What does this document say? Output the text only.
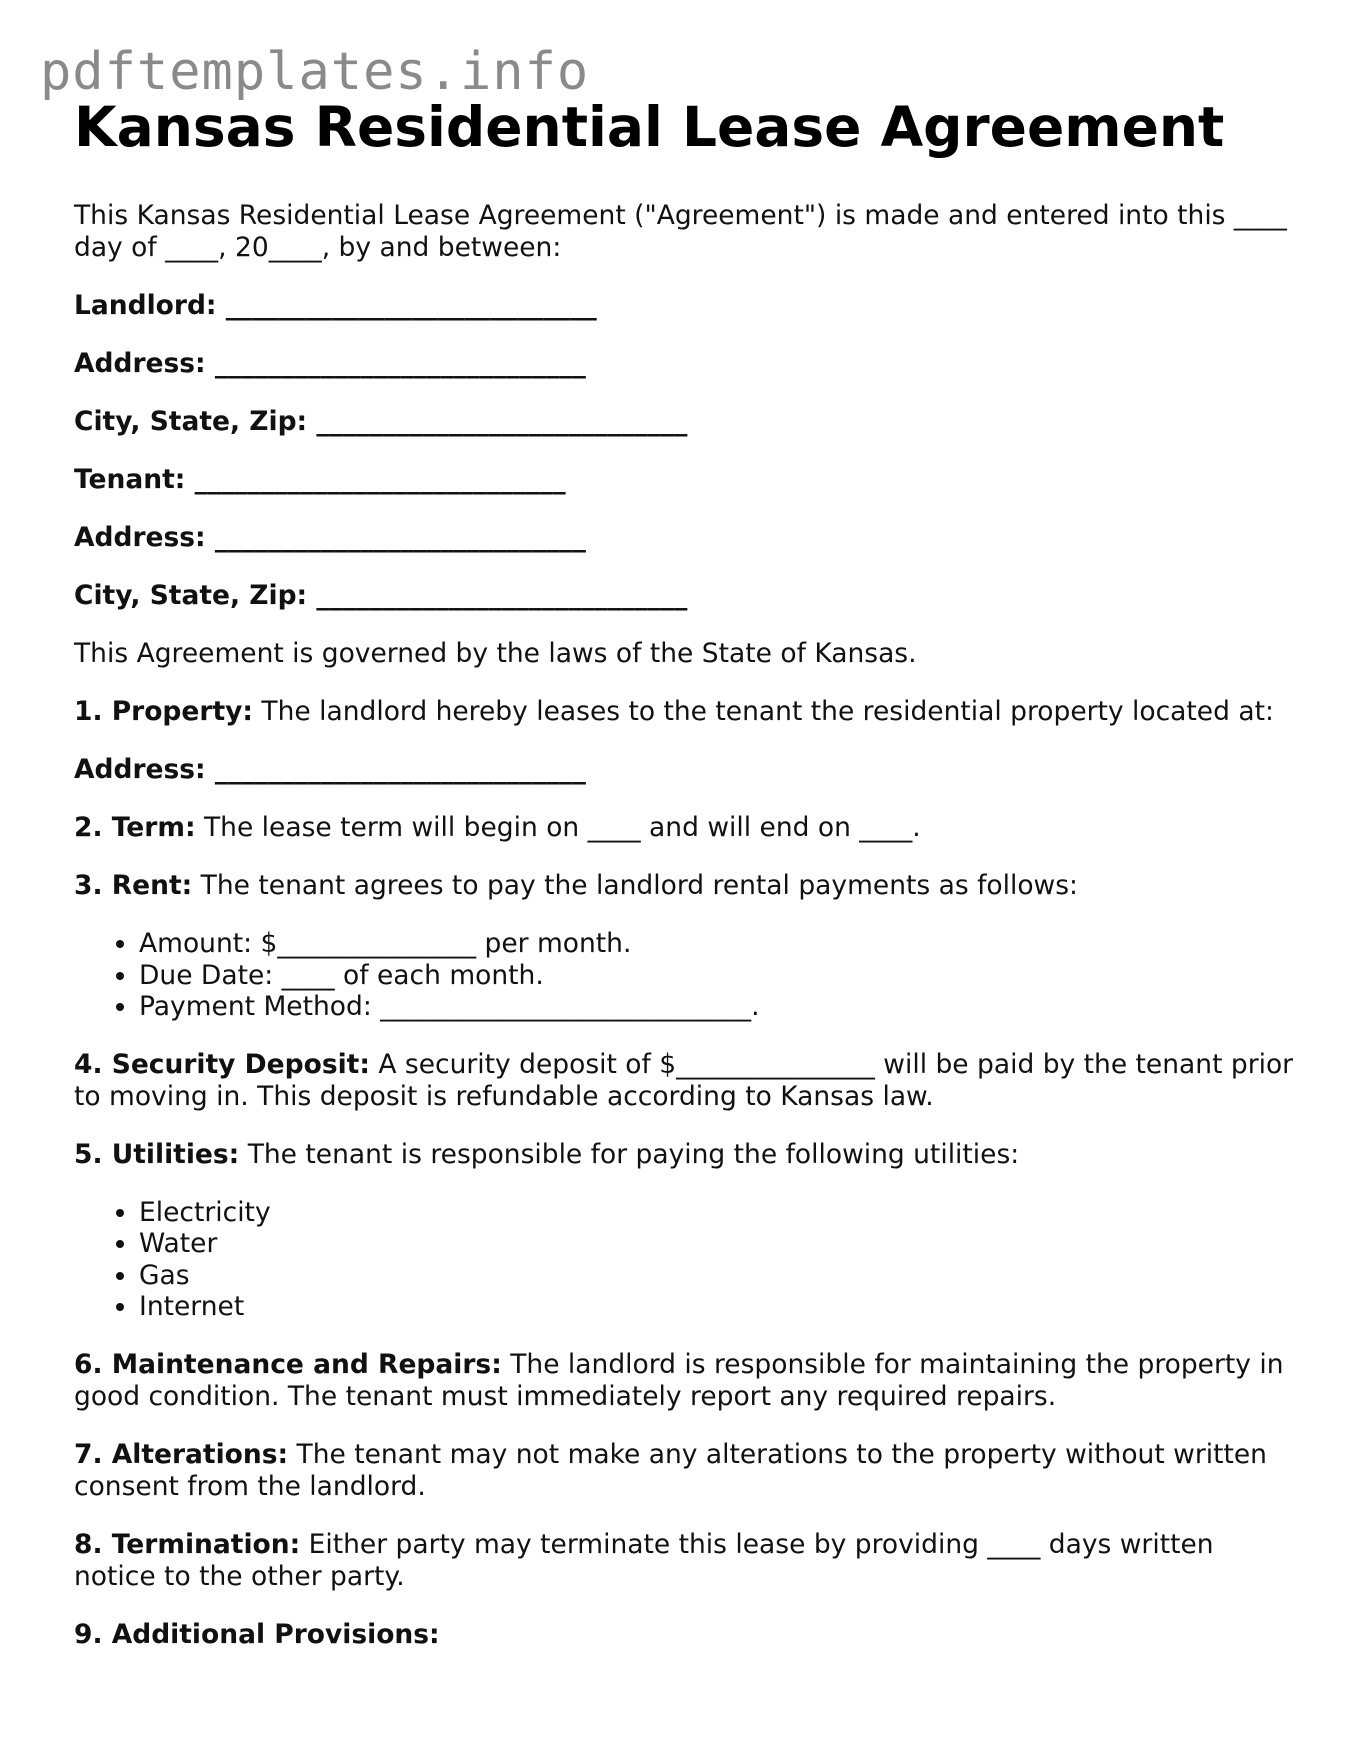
pdftemplates.info
Kansas Residential Lease Agreement

This Kansas Residential Lease Agreement ("Agreement") is made and entered into this ____ day of ____, 20____, by and between:

Landlord: ____________________________

Address: ____________________________

City, State, Zip: ____________________________

Tenant: ____________________________

Address: ____________________________

City, State, Zip: ____________________________

This Agreement is governed by the laws of the State of Kansas.

1. Property: The landlord hereby leases to the tenant the residential property located at:

Address: ____________________________

2. Term: The lease term will begin on ____ and will end on ____.

3. Rent: The tenant agrees to pay the landlord rental payments as follows:

• Amount: $_______________ per month.
• Due Date: ____ of each month.
• Payment Method: ____________________________.

4. Security Deposit: A security deposit of $_______________ will be paid by the tenant prior to moving in. This deposit is refundable according to Kansas law.

5. Utilities: The tenant is responsible for paying the following utilities:

• Electricity
• Water
• Gas
• Internet

6. Maintenance and Repairs: The landlord is responsible for maintaining the property in good condition. The tenant must immediately report any required repairs.

7. Alterations: The tenant may not make any alterations to the property without written consent from the landlord.

8. Termination: Either party may terminate this lease by providing ____ days written notice to the other party.

9. Additional Provisions:
